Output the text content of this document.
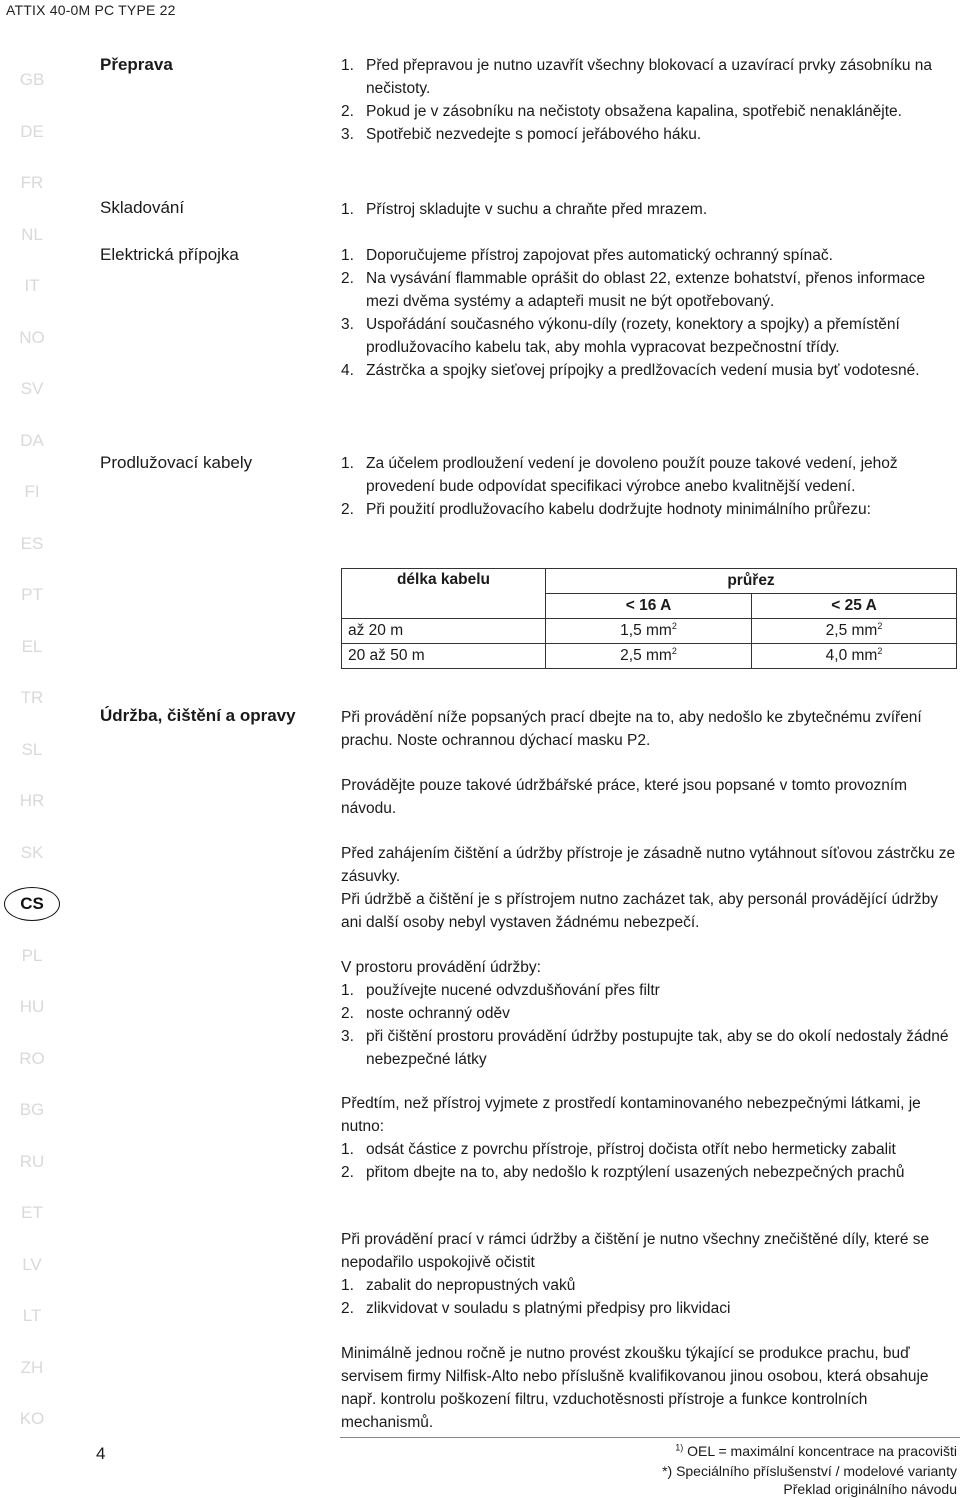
ATTIX 40-0M PC TYPE 22
GB
DE
FR
NL
IT
NO
SV
DA
FI
ES
PT
EL
TR
SL
HR
SK
CS
PL
HU
RO
BG
RU
ET
LV
LT
ZH
KO
Přeprava	1. Před přepravou je nutno uzavřít všechny blokovací a uzavírací prvky zásobníku na nečistoty.
2. Pokud je v zásobníku na nečistoty obsažena kapalina, spotřebič nenaklánějte.
3. Spotřebič nezvedejte s pomocí jeřábového háku.
Skladování	1. Přístroj skladujte v suchu a chraňte před mrazem.
Elektrická přípojka	1. Doporučujeme přístroj zapojovat přes automatický ochranný spínač.
2. Na vysávání flammable oprášit do oblast 22, extenze bohatství, přenos informace mezi dvěma systémy a adapteři musit ne být opotřebovaný.
3. Uspořádání současného výkonu-díly (rozety, konektory a spojky) a přemístění prodlužovacího kabelu tak, aby mohla vypracovat bezpečnostní třídy.
4. Zástrčka a spojky sieťovej prípojky a predlžovacích vedení musia byť vodotesné.
Prodlužovací kabely	1. Za účelem prodloužení vedení je dovoleno použít pouze takové vedení, jehož provedení bude odpovídat specifikaci výrobce anebo kvalitnější vedení.
2. Při použití prodlužovacího kabelu dodržujte hodnoty minimálního průřezu:
délka kabelu	průřez	
	< 16 A	< 25 A
až 20 m	1,5 $mm^2$	2,5 $mm^2$
20 až 50 m	2,5 $mm^2$	4,0 $mm^2$
Údržba, čištění a opravy	Při provádění níže popsaných prací dbejte na to, aby nedošlo ke zbytečnému zvíření prachu. Noste ochrannou dýchací masku P2.
Provádějte pouze takové údržbářské práce, které jsou popsané v tomto provozním návodu.
Před zahájením čištění a údržby přístroje je zásadně nutno vytáhnout síťovou zástrčku ze zásuvky.
Při údržbě a čištění je s přístrojem nutno zacházet tak, aby personál provádějící údržby ani další osoby nebyl vystaven žádnému nebezpečí.
V prostoru provádění údržby:
1. používejte nucené odvzdušňování přes filtr
2. noste ochranný oděv
3. při čištění prostoru provádění údržby postupujte tak, aby se do okolí nedostaly žádné nebezpečné látky
Předtím, než přístroj vyjmete z prostředí kontaminovaného nebezpečnými látkami, je nutno:
1. odsát částice z povrchu přístroje, přístroj dočista otřít nebo hermeticky zabalit
2. přitom dbejte na to, aby nedošlo k rozptýlení usazených nebezpečných prachů
Při provádění prací v rámci údržby a čištění je nutno všechny znečištěné díly, které se nepodařilo uspokojivě očistit
1. zabalit do nepropustných vaků
2. zlikvidovat v souladu s platnými předpisy pro likvidaci
Minimálně jednou ročně je nutno provést zkoušku týkající se produkce prachu, buď servisem firmy Nilfisk-Alto nebo příslušně kvalifikovanou jinou osobou, která obsahuje např. kontrolu poškození filtru, vzduchotěsnosti přístroje a funkce kontrolních mechanismů.
4	$^{1)}$ OEL = maximální koncentrace na pracovišti
*) Speciálního příslušenství / modelové varianty
Překlad originálního návodu
